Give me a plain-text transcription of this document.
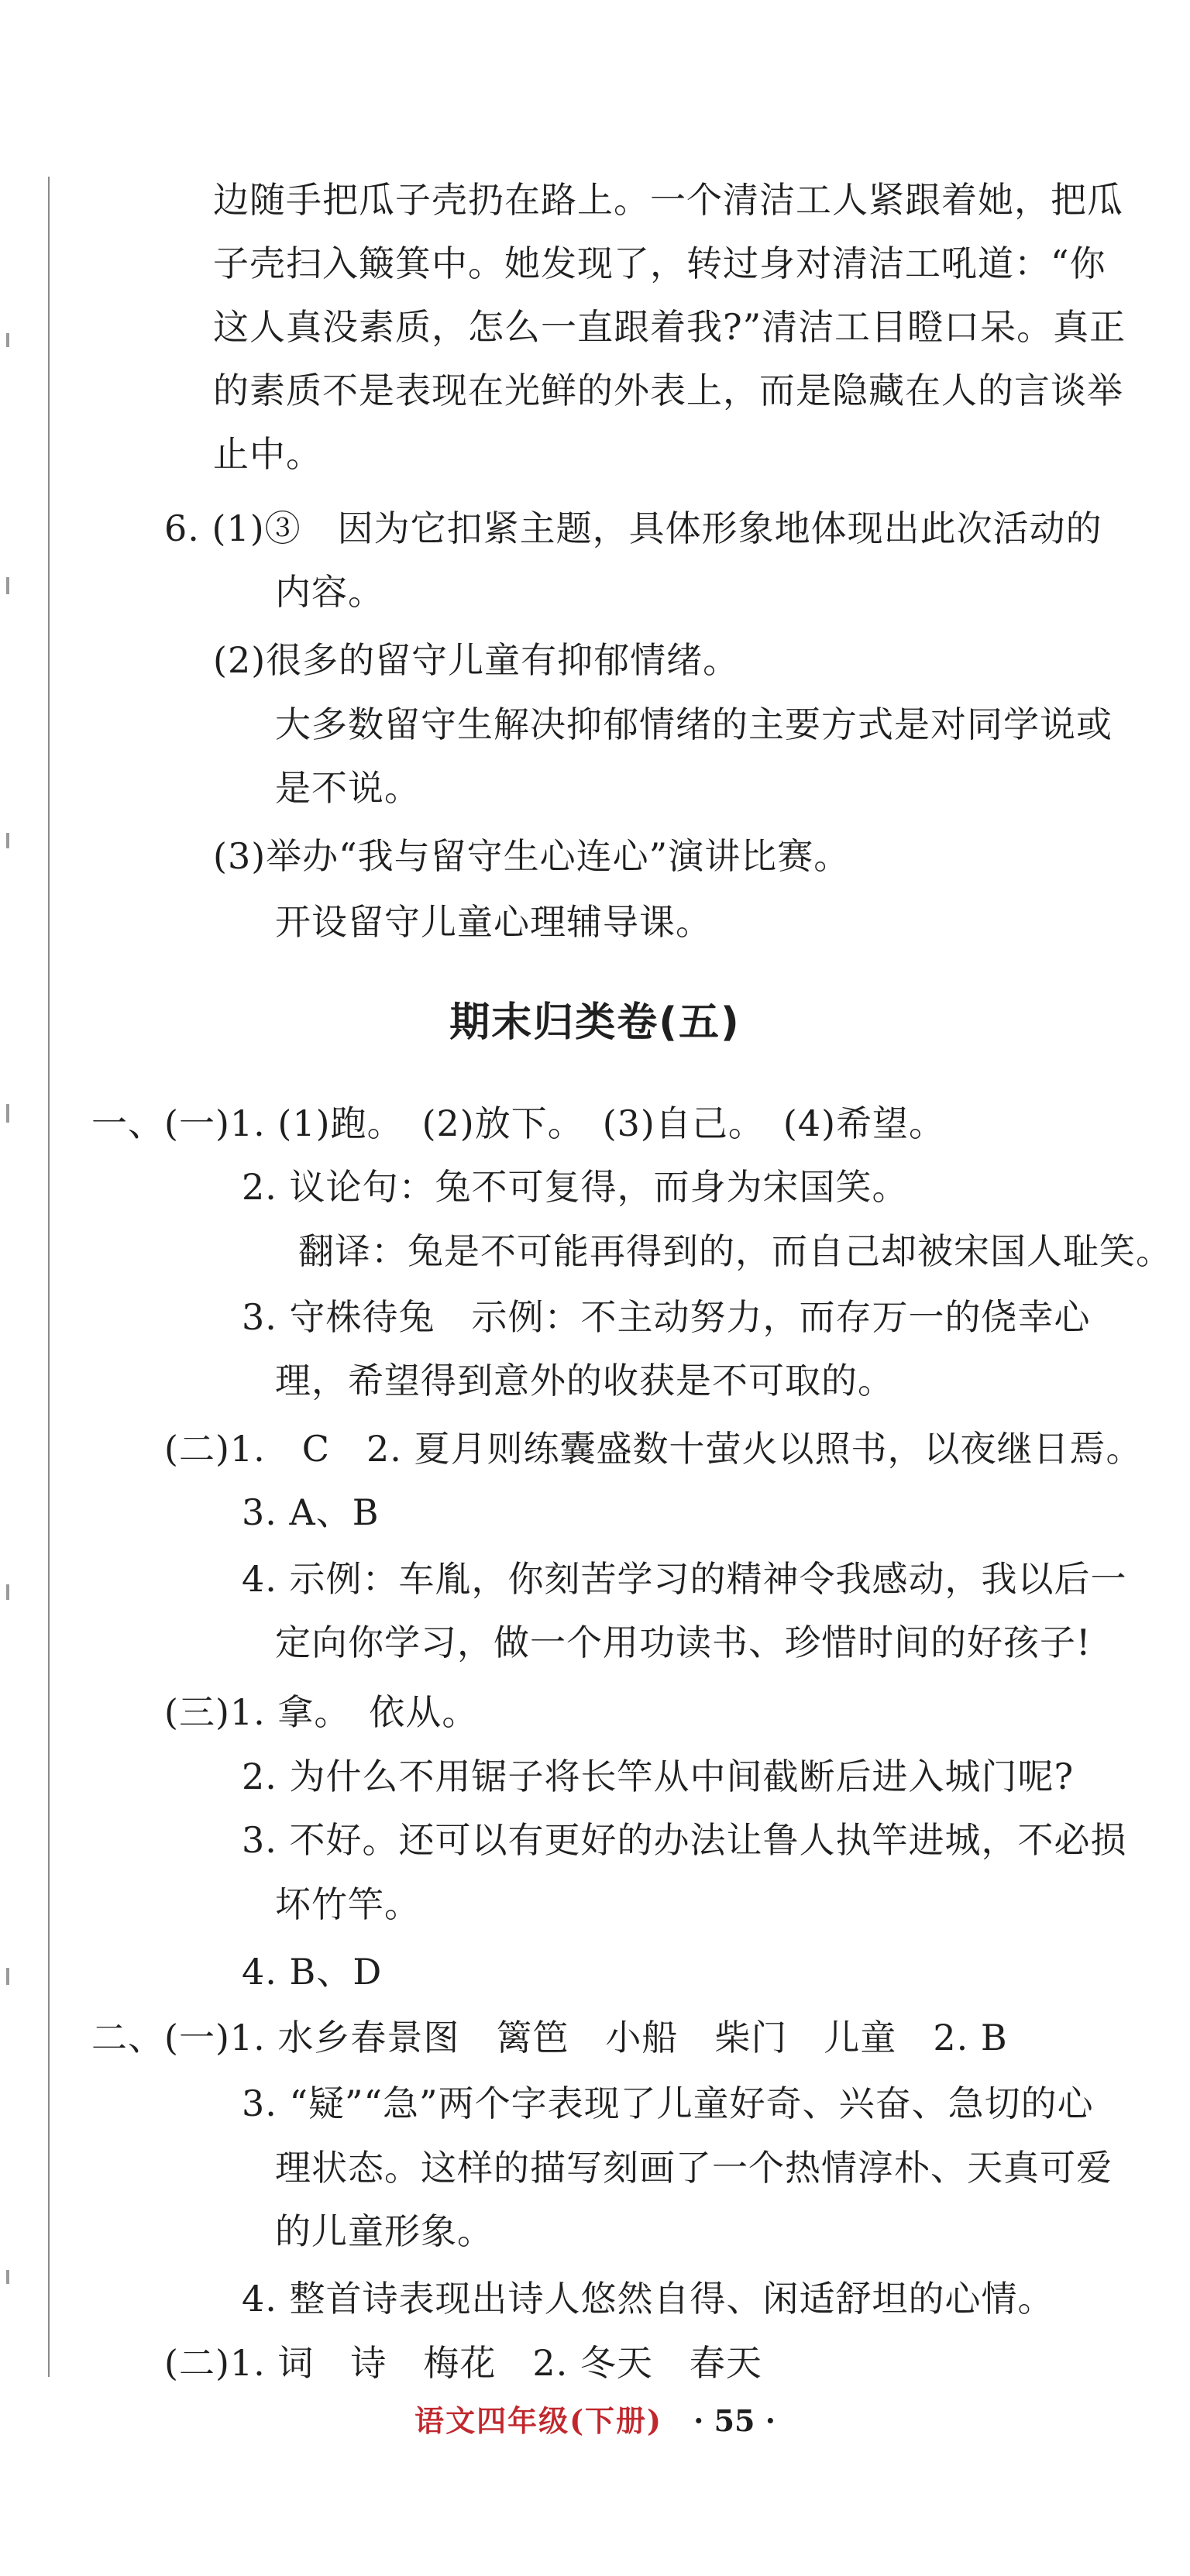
边随手把瓜子壳扔在路上。一个清洁工人紧跟着她，把瓜
子壳扫入簸箕中。她发现了，转过身对清洁工吼道：“你
这人真没素质，怎么一直跟着我?”清洁工目瞪口呆。真正
的素质不是表现在光鲜的外表上，而是隐藏在人的言谈举
止中。
6. (1)③　因为它扣紧主题，具体形象地体现出此次活动的
内容。
(2)很多的留守儿童有抑郁情绪。
大多数留守生解决抑郁情绪的主要方式是对同学说或
是不说。
(3)举办“我与留守生心连心”演讲比赛。
开设留守儿童心理辅导课。
期末归类卷(五)
一、(一)1. (1)跑。　(2)放下。　(3)自己。　(4)希望。
2. 议论句：兔不可复得，而身为宋国笑。
翻译：兔是不可能再得到的，而自己却被宋国人耻笑。
3. 守株待兔　示例：不主动努力，而存万一的侥幸心
理，希望得到意外的收获是不可取的。
(二)1.　C　2. 夏月则练囊盛数十萤火以照书，以夜继日焉。
3. A、B
4. 示例：车胤，你刻苦学习的精神令我感动，我以后一
定向你学习，做一个用功读书、珍惜时间的好孩子!
(三)1. 拿。　依从。
2. 为什么不用锯子将长竿从中间截断后进入城门呢?
3. 不好。还可以有更好的办法让鲁人执竿进城，不必损
坏竹竿。
4. B、D
二、(一)1. 水乡春景图　篱笆　小船　柴门　儿童　2. B
3. “疑”“急”两个字表现了儿童好奇、兴奋、急切的心
理状态。这样的描写刻画了一个热情淳朴、天真可爱
的儿童形象。
4. 整首诗表现出诗人悠然自得、闲适舒坦的心情。
(二)1. 词　诗　梅花　2. 冬天　春天
语文四年级(下册) · 55 ·
